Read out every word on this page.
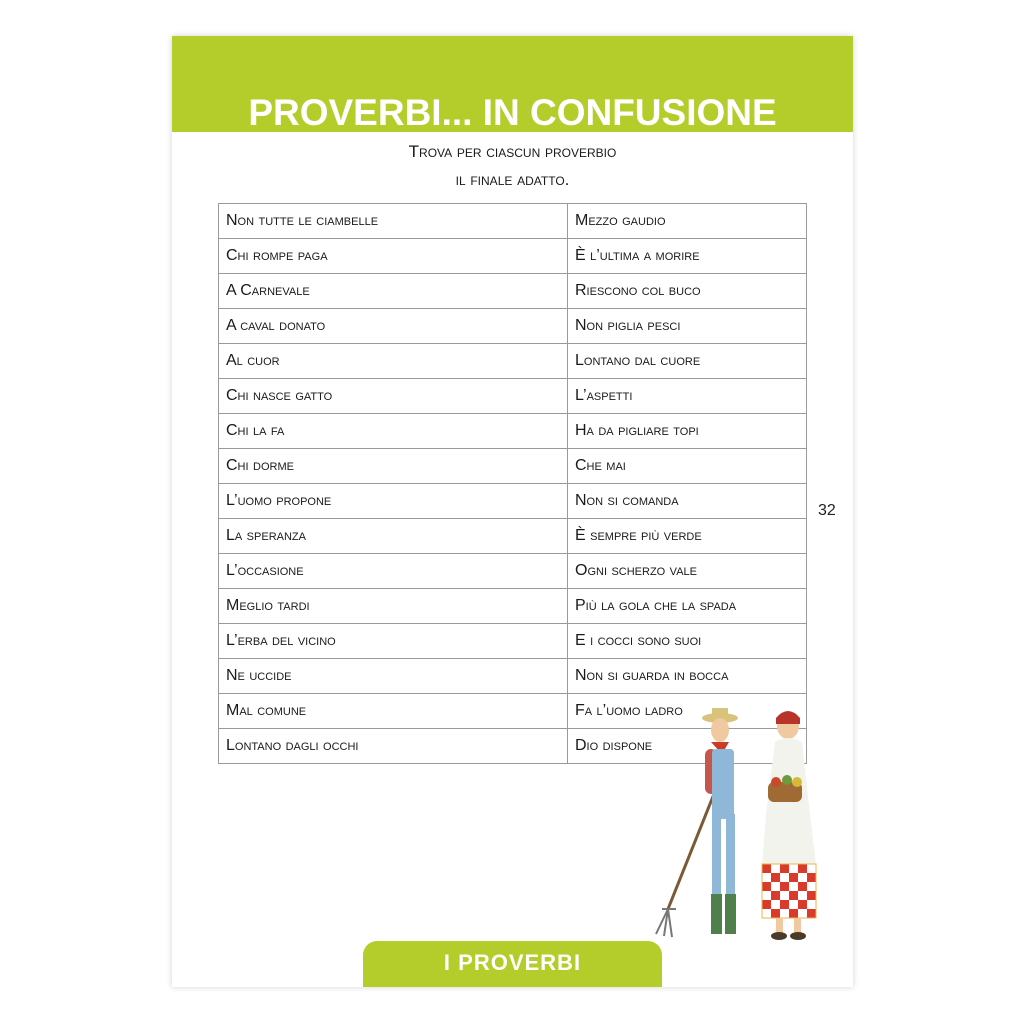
PROVERBI... IN CONFUSIONE
Trova per ciascun proverbio
il finale adatto.
Non tutte le ciambelle	Mezzo gaudio
Chi rompe paga	È l’ultima a morire
A Carnevale	Riescono col buco
A caval donato	Non piglia pesci
Al cuor	Lontano dal cuore
Chi nasce gatto	L’aspetti
Chi la fa	Ha da pigliare topi
Chi dorme	Che mai
L’uomo propone	Non si comanda
La speranza	È sempre più verde
L’occasione	Ogni scherzo vale
Meglio tardi	Più la gola che la spada
L’erba del vicino	E i cocci sono suoi
Ne uccide	Non si guarda in bocca
Mal comune	Fa l’uomo ladro
Lontano dagli occhi	Dio dispone
32
I PROVERBI
